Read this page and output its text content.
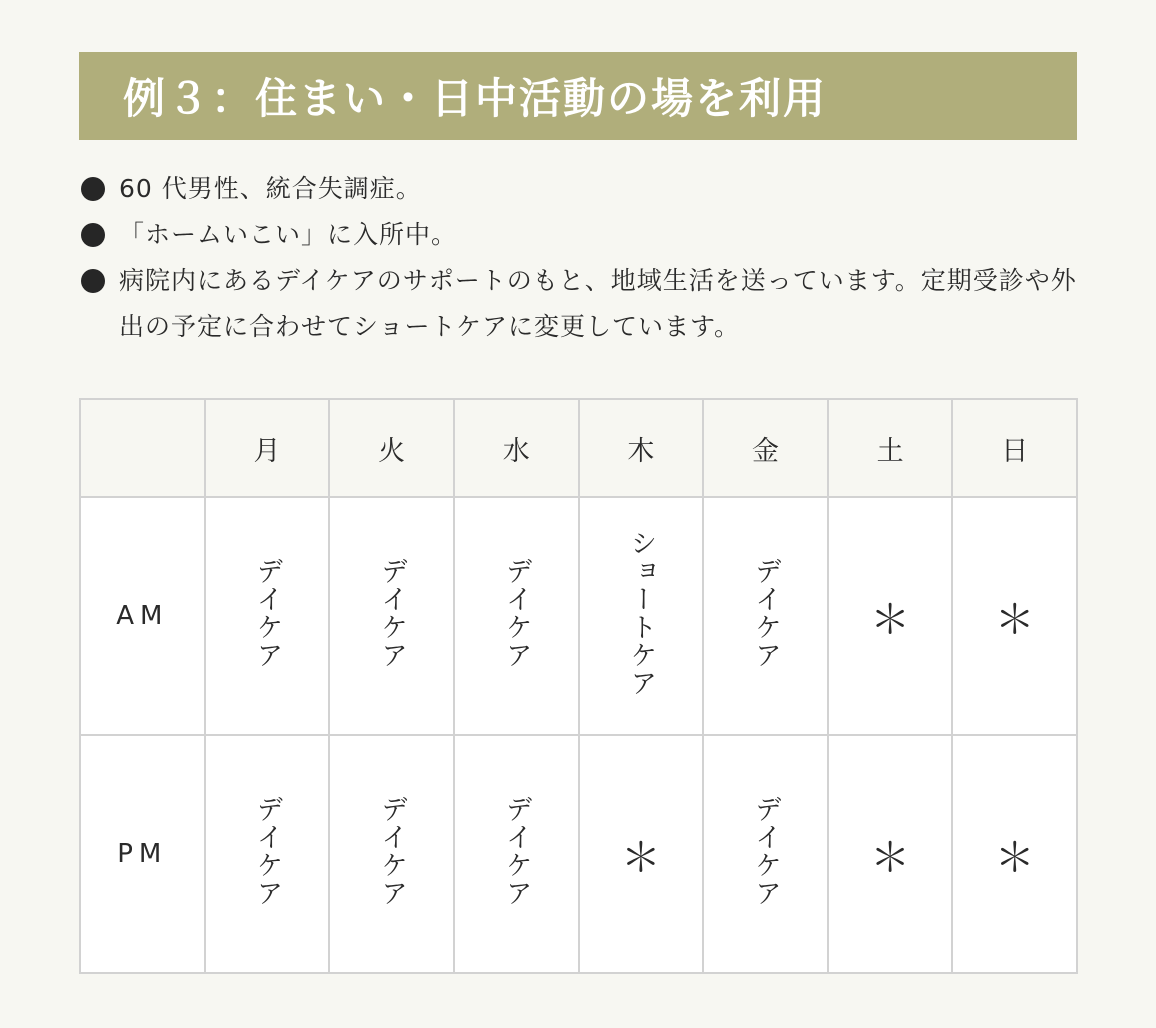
例３：住まい・日中活動の場を利用
60 代男性、統合失調症。
「ホームいこい」に入所中。
病院内にあるデイケアのサポートのもと、地域生活を送っています。定期受診や外出の予定に合わせてショートケアに変更しています。
	月	火	水	木	金	土	日
AM	デイケア	デイケア	デイケア	ショートケア	デイケア	＊	＊
PM	デイケア	デイケア	デイケア	＊	デイケア	＊	＊
